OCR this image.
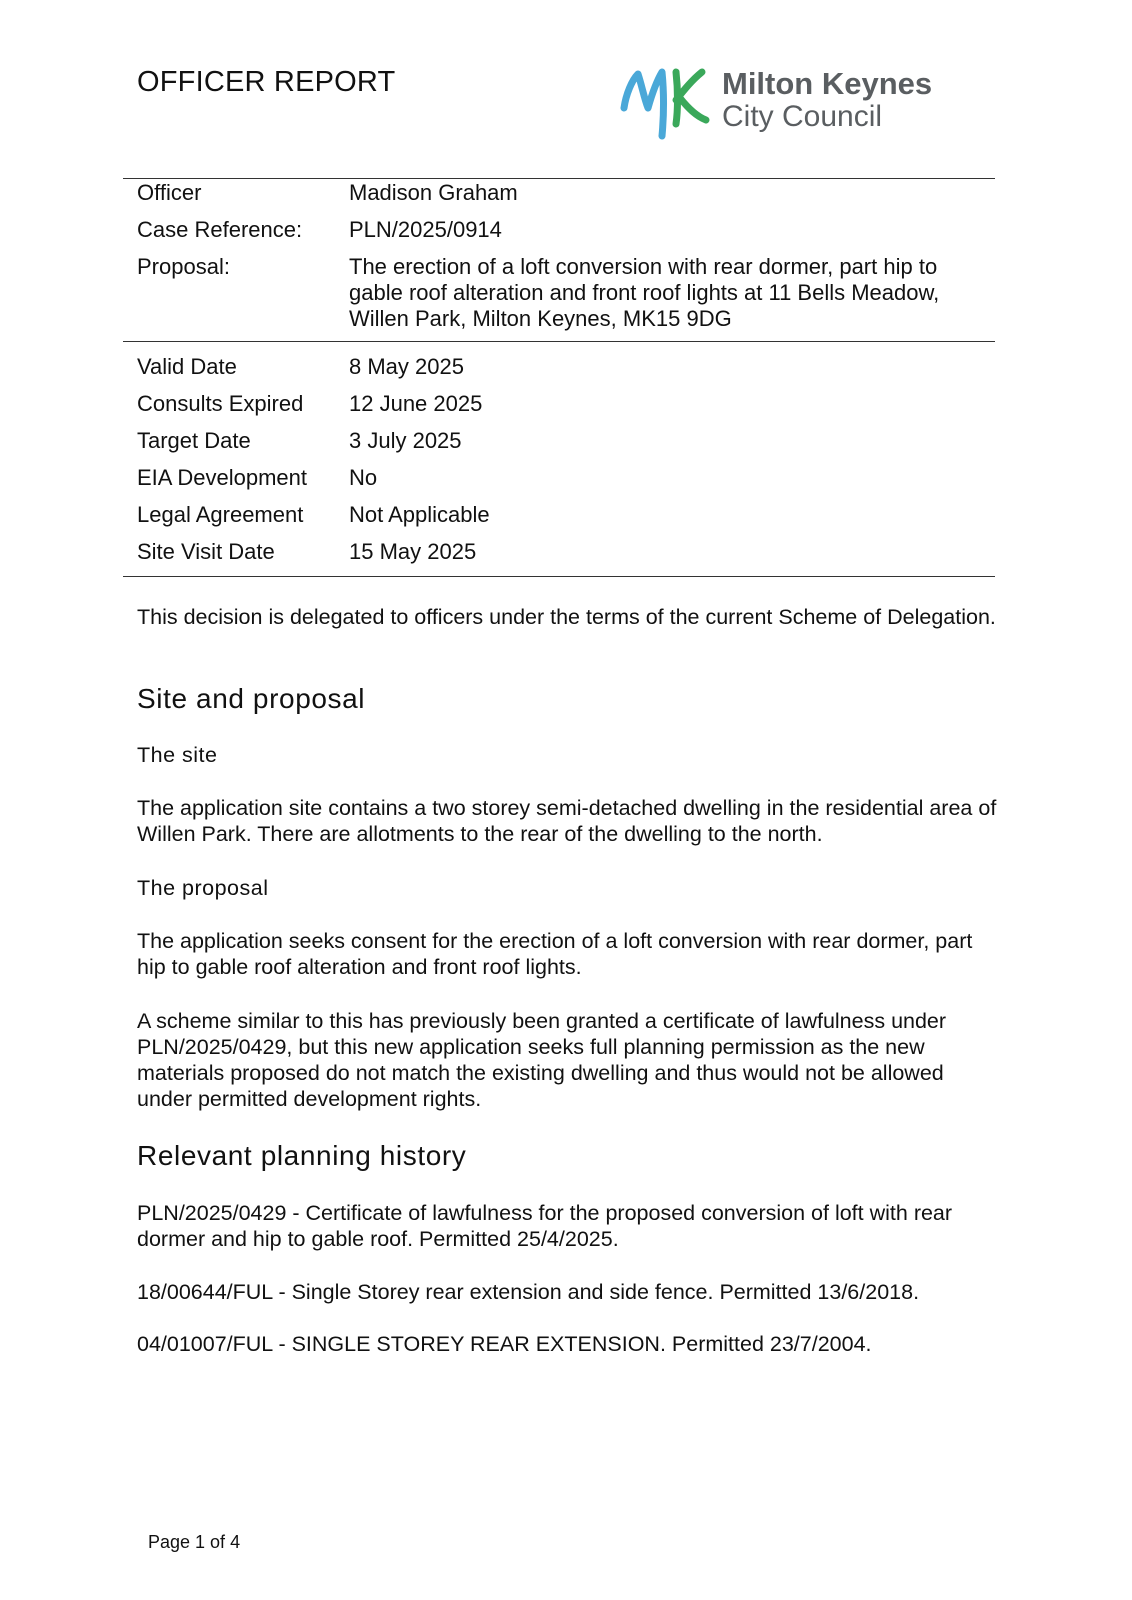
OFFICER REPORT	Milton Keynes
City Council
Officer	Madison Graham
Case Reference: PLN/2025/0914
Proposal:	The erection of a loft conversion with rear dormer, part hip to gable roof alteration and front roof lights at 11 Bells Meadow, Willen Park, Milton Keynes, MK15 9DG
Valid Date	8 May 2025
Consults Expired 12 June 2025
Target Date	3 July 2025
EIA Development No
Legal Agreement Not Applicable
Site Visit Date	15 May 2025

This decision is delegated to officers under the terms of the current Scheme of Delegation.

Site and proposal
The site

The application site contains a two storey semi-detached dwelling in the residential area of Willen Park. There are allotments to the rear of the dwelling to the north.

The proposal

The application seeks consent for the erection of a loft conversion with rear dormer, part hip to gable roof alteration and front roof lights.

A scheme similar to this has previously been granted a certificate of lawfulness under PLN/2025/0429, but this new application seeks full planning permission as the new materials proposed do not match the existing dwelling and thus would not be allowed under permitted development rights.

Relevant planning history

PLN/2025/0429 - Certificate of lawfulness for the proposed conversion of loft with rear dormer and hip to gable roof. Permitted 25/4/2025.

18/00644/FUL - Single Storey rear extension and side fence. Permitted 13/6/2018.

04/01007/FUL - SINGLE STOREY REAR EXTENSION. Permitted 23/7/2004.

Page 1 of 4
